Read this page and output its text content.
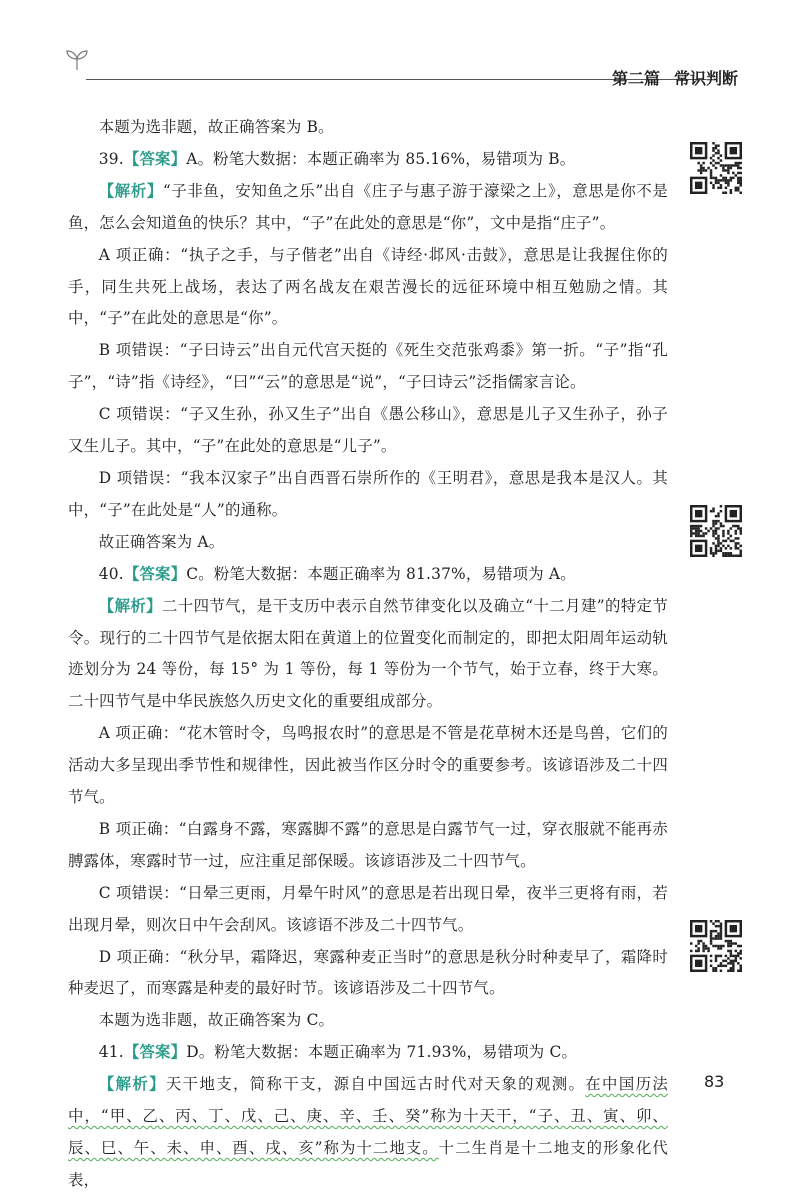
第二篇 常识判断

本题为选非题，故正确答案为 B。

39.【答案】A。粉笔大数据：本题正确率为 85.16%，易错项为 B。

【解析】“子非鱼，安知鱼之乐”出自《庄子与惠子游于濠梁之上》，意思是你不是鱼，怎么会知道鱼的快乐？其中，“子”在此处的意思是“你”，文中是指“庄子”。

A 项正确：“执子之手，与子偕老”出自《诗经·邶风·击鼓》，意思是让我握住你的手，同生共死上战场，表达了两名战友在艰苦漫长的远征环境中相互勉励之情。其中，“子”在此处的意思是“你”。

B 项错误：“子曰诗云”出自元代宫天挺的《死生交范张鸡黍》第一折。“子”指“孔子”，“诗”指《诗经》，“曰”“云”的意思是“说”，“子曰诗云”泛指儒家言论。

C 项错误：“子又生孙，孙又生子”出自《愚公移山》，意思是儿子又生孙子，孙子又生儿子。其中，“子”在此处的意思是“儿子”。

D 项错误：“我本汉家子”出自西晋石崇所作的《王明君》，意思是我本是汉人。其中，“子”在此处是“人”的通称。

故正确答案为 A。

40.【答案】C。粉笔大数据：本题正确率为 81.37%，易错项为 A。

【解析】二十四节气，是干支历中表示自然节律变化以及确立“十二月建”的特定节令。现行的二十四节气是依据太阳在黄道上的位置变化而制定的，即把太阳周年运动轨迹划分为 24 等份，每 15° 为 1 等份，每 1 等份为一个节气，始于立春，终于大寒。二十四节气是中华民族悠久历史文化的重要组成部分。

A 项正确：“花木管时令，鸟鸣报农时”的意思是不管是花草树木还是鸟兽，它们的活动大多呈现出季节性和规律性，因此被当作区分时令的重要参考。该谚语涉及二十四节气。

B 项正确：“白露身不露，寒露脚不露”的意思是白露节气一过，穿衣服就不能再赤膊露体，寒露时节一过，应注重足部保暖。该谚语涉及二十四节气。

C 项错误：“日晕三更雨，月晕午时风”的意思是若出现日晕，夜半三更将有雨，若出现月晕，则次日中午会刮风。该谚语不涉及二十四节气。

D 项正确：“秋分早，霜降迟，寒露种麦正当时”的意思是秋分时种麦早了，霜降时种麦迟了，而寒露是种麦的最好时节。该谚语涉及二十四节气。

本题为选非题，故正确答案为 C。

41.【答案】D。粉笔大数据：本题正确率为 71.93%，易错项为 C。

【解析】天干地支，简称干支，源自中国远古时代对天象的观测。在中国历法中，“甲、乙、丙、丁、戊、己、庚、辛、壬、癸”称为十天干，“子、丑、寅、卯、辰、巳、午、未、申、酉、戌、亥”称为十二地支。十二生肖是十二地支的形象化代表，

83
